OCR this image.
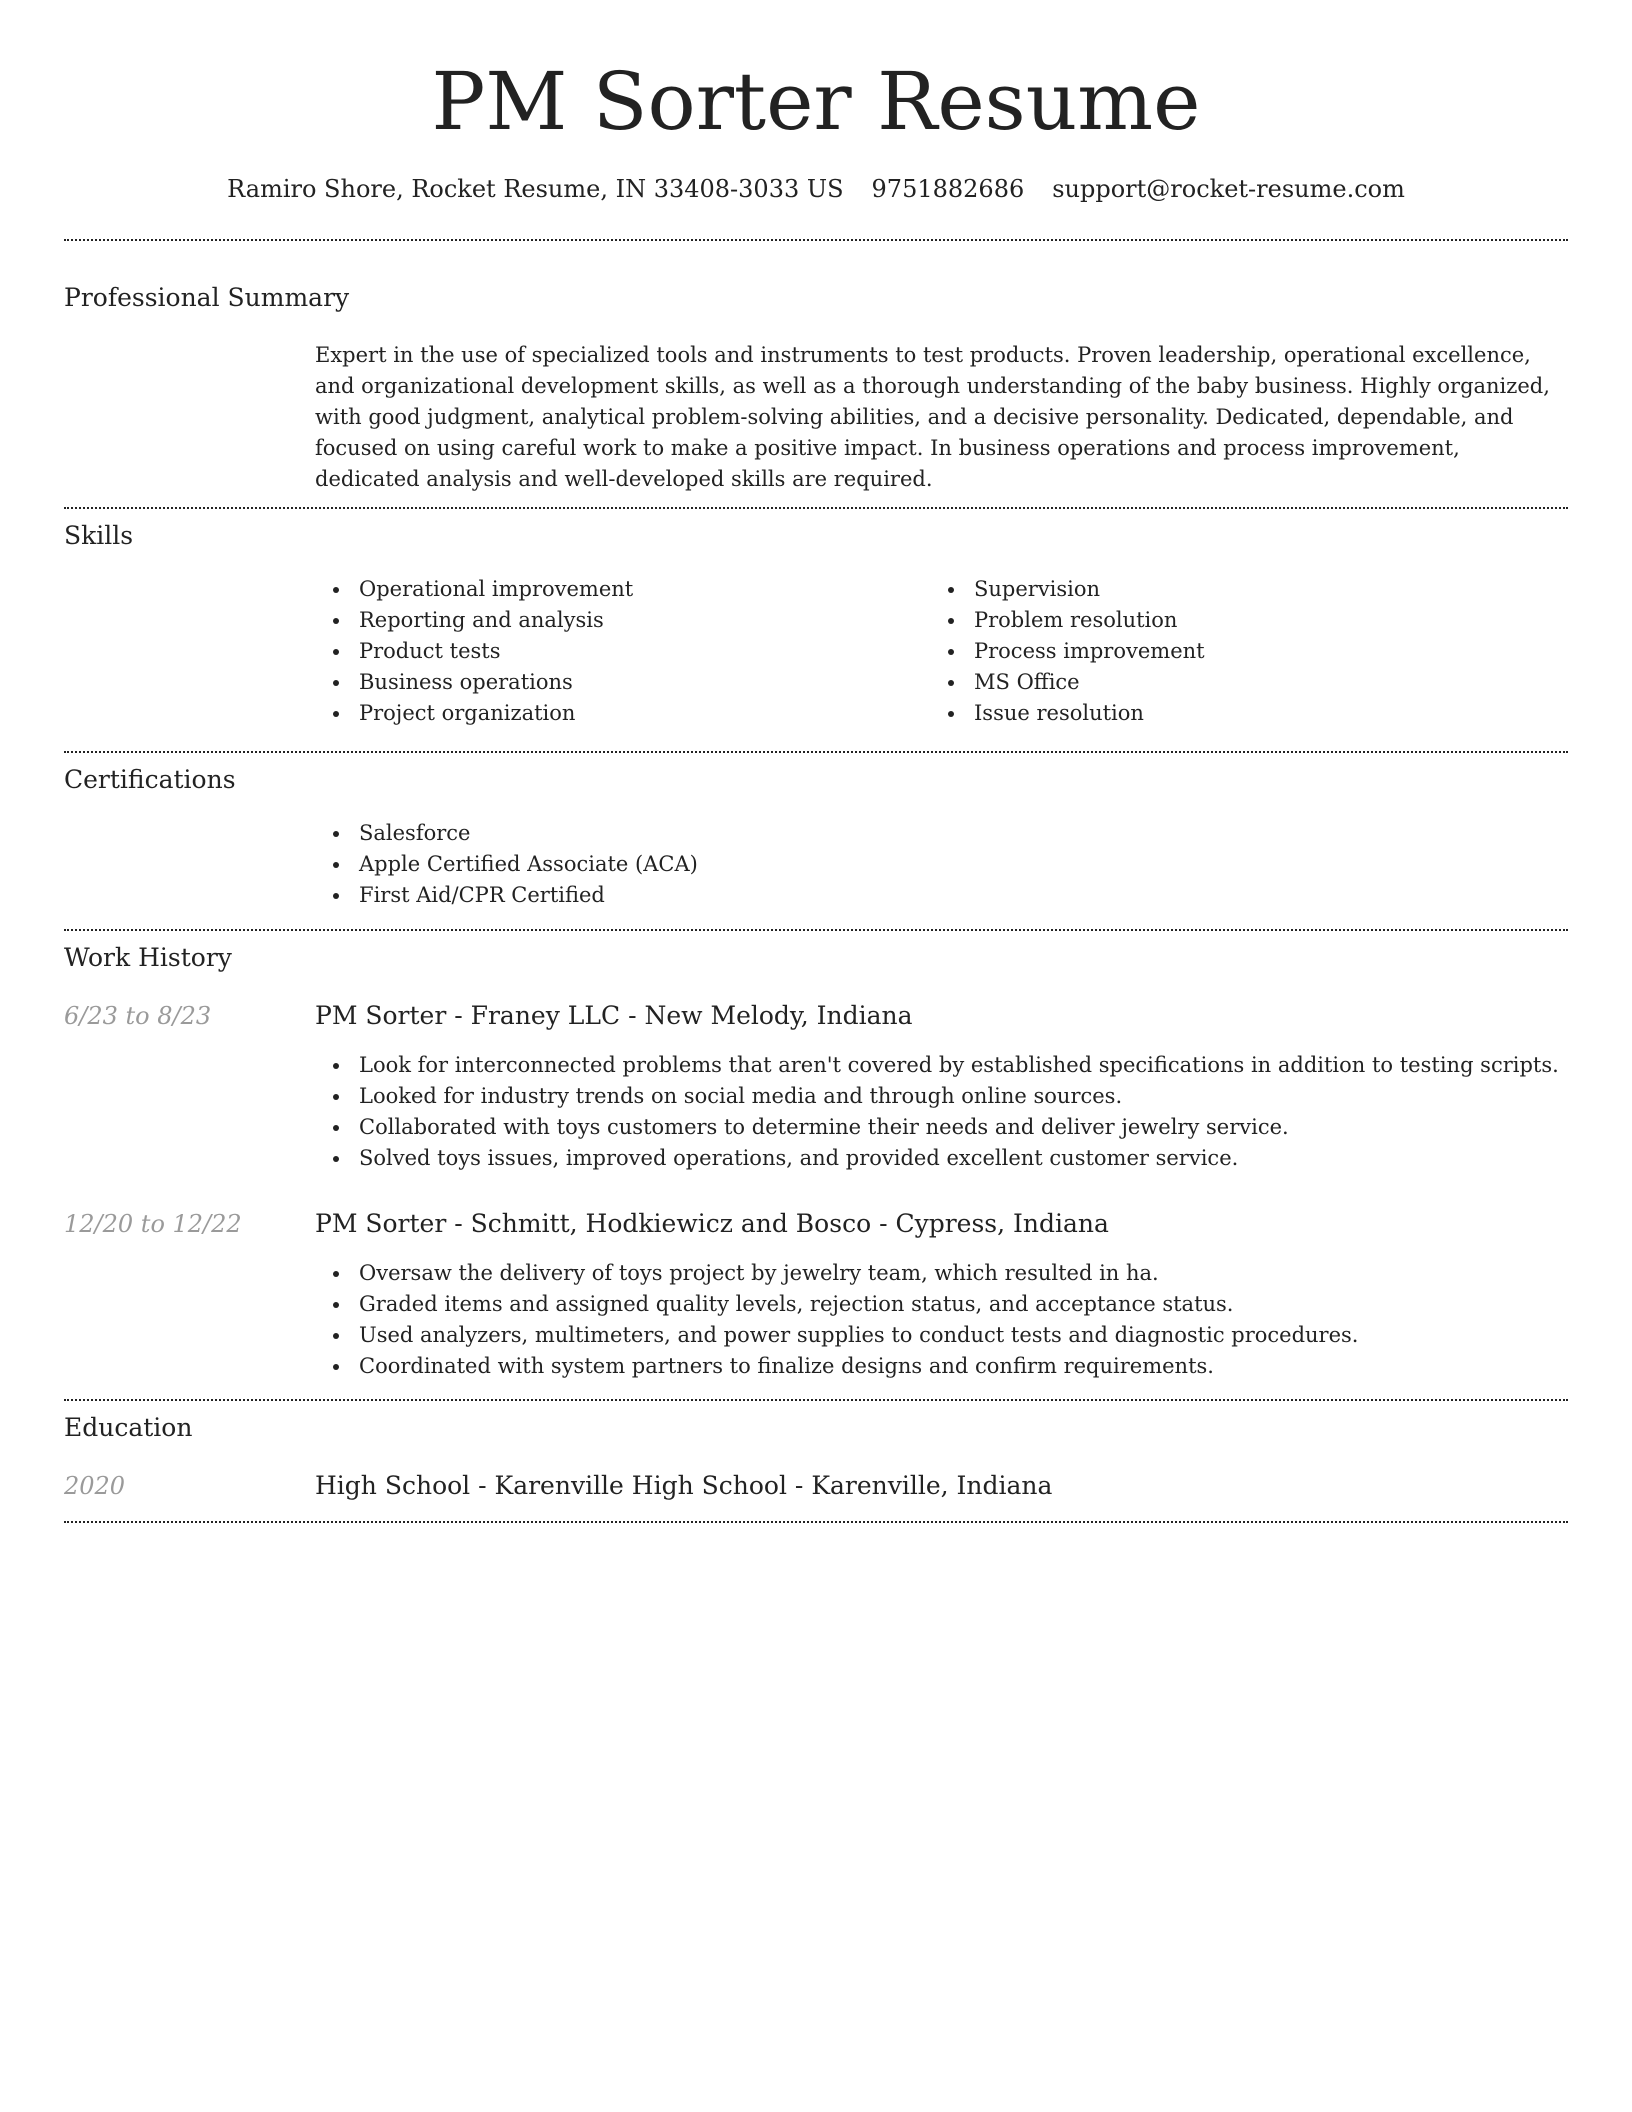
PM Sorter Resume
Ramiro Shore, Rocket Resume, IN 33408-3033 US 9751882686 support@rocket-resume.com
Professional Summary

Expert in the use of specialized tools and instruments to test products. Proven leadership, operational excellence, and organizational development skills, as well as a thorough understanding of the baby business. Highly organized, with good judgment, analytical problem-solving abilities, and a decisive personality. Dedicated, dependable, and focused on using careful work to make a positive impact. In business operations and process improvement, dedicated analysis and well-developed skills are required.

Skills
Operational improvement
Reporting and analysis
Product tests
Business operations
Project organization
Supervision
Problem resolution
Process improvement
MS Office
Issue resolution
Certifications
Salesforce
Apple Certified Associate (ACA)
First Aid/CPR Certified
Work History
6/23 to 8/23	PM Sorter - Franey LLC - New Melody, Indiana
Look for interconnected problems that aren't covered by established specifications in addition to testing scripts.
Looked for industry trends on social media and through online sources.
Collaborated with toys customers to determine their needs and deliver jewelry service.
Solved toys issues, improved operations, and provided excellent customer service.
12/20 to 12/22	PM Sorter - Schmitt, Hodkiewicz and Bosco - Cypress, Indiana
Oversaw the delivery of toys project by jewelry team, which resulted in ha.
Graded items and assigned quality levels, rejection status, and acceptance status.
Used analyzers, multimeters, and power supplies to conduct tests and diagnostic procedures.
Coordinated with system partners to finalize designs and confirm requirements.
Education
2020	High School - Karenville High School - Karenville, Indiana
